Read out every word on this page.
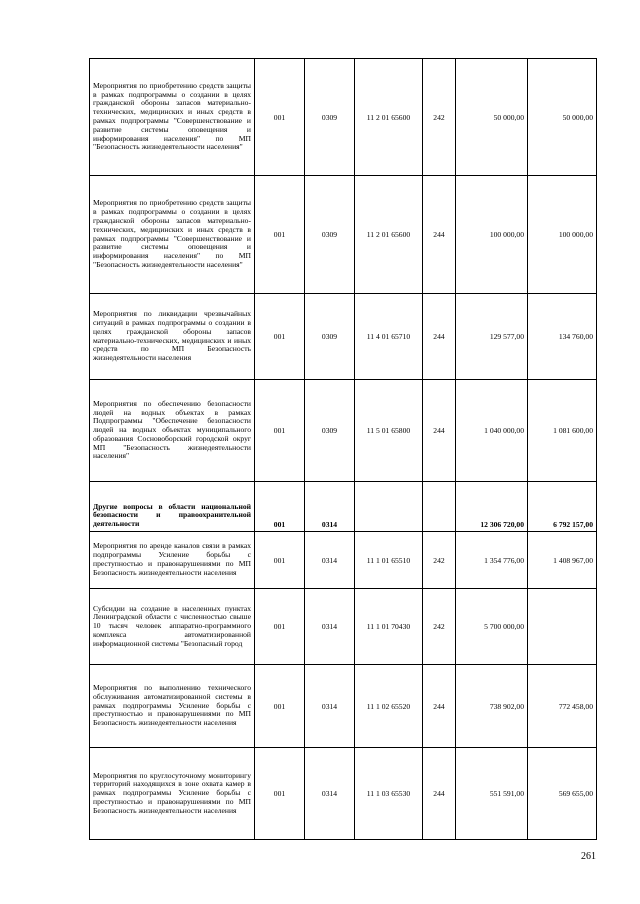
Мероприятия по приобретению средств защиты в рамках подпрограммы о создании в целях гражданской обороны запасов материально-технических, медицинских и иных средств в рамках подпрограммы "Совершенствование и развитие системы оповещения и информирования населения" по МП "Безопасность жизнедеятельности населения"	001	0309	11 2 01 65600	242	50 000,00	50 000,00
Мероприятия по приобретению средств защиты в рамках подпрограммы о создании в целях гражданской обороны запасов материально-технических, медицинских и иных средств в рамках подпрограммы "Совершенствование и развитие системы оповещения и информирования населения" по МП "Безопасность жизнедеятельности населения"	001	0309	11 2 01 65600	244	100 000,00	100 000,00
Мероприятия по ликвидации чрезвычайных ситуаций в рамках подпрограммы о создании в целях гражданской обороны запасов материально-технических, медицинских и иных средств по МП Безопасность жизнедеятельности населения	001	0309	11 4 01 65710	244	129 577,00	134 760,00
Мероприятия по обеспечению безопасности людей на водных объектах в рамках Подпрограммы "Обеспечение безопасности людей на водных объектах муниципального образования Сосновоборский городской округ МП "Безопасность жизнедеятельности населения"	001	0309	11 5 01 65800	244	1 040 000,00	1 081 600,00
Другие вопросы в области национальной безопасности и правоохранительной деятельности	001	0314			12 306 720,00	6 792 157,00
Мероприятия по аренде каналов связи в рамках подпрограммы Усиление борьбы с преступностью и правонарушениями по МП Безопасность жизнедеятельности населения	001	0314	11 1 01 65510	242	1 354 776,00	1 408 967,00
Субсидии на создание в населенных пунктах Ленинградской области с численностью свыше 10 тысяч человек аппаратно-программного комплекса автоматизированной информационной системы "Безопасный город	001	0314	11 1 01 70430	242	5 700 000,00	
Мероприятия по выполнению технического обслуживания автоматизированной системы в рамках подпрограммы Усиление борьбы с преступностью и правонарушениями по МП Безопасность жизнедеятельности населения	001	0314	11 1 02 65520	244	738 902,00	772 458,00
Мероприятия по круглосуточному мониторингу территорий находящихся в зоне охвата камер в рамках подпрограммы Усиление борьбы с преступностью и правонарушениями по МП Безопасность жизнедеятельности населения	001	0314	11 1 03 65530	244	551 591,00	569 655,00
261
